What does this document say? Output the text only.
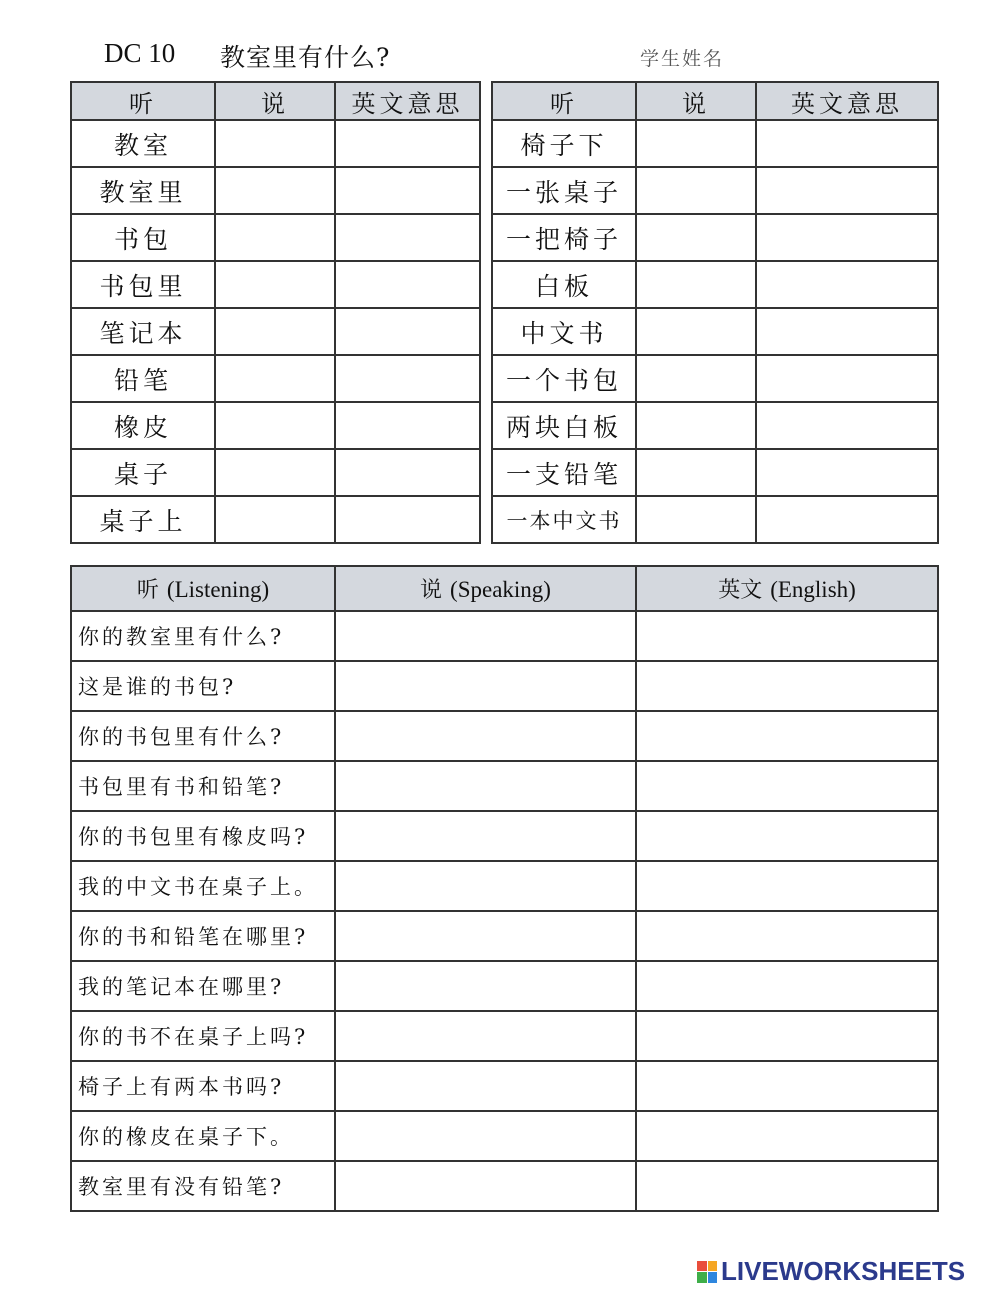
DC 10 教室里有什么?	学生姓名
听	说	英文意思
教室		
教室里		
书包		
书包里		
笔记本		
铅笔		
橡皮		
桌子		
桌子上		
听	说	英文意思
椅子下		
一张桌子		
一把椅子		
白板		
中文书		
一个书包		
两块白板		
一支铅笔		
一本中文书		
听 (Listening)	说 (Speaking)	英文 (English)
你的教室里有什么?		
这是谁的书包?		
你的书包里有什么?		
书包里有书和铅笔?		
你的书包里有橡皮吗?		
我的中文书在桌子上。		
你的书和铅笔在哪里?		
我的笔记本在哪里?		
你的书不在桌子上吗?		
椅子上有两本书吗?		
你的橡皮在桌子下。		
教室里有没有铅笔?		
LIVEWORKSHEETS
